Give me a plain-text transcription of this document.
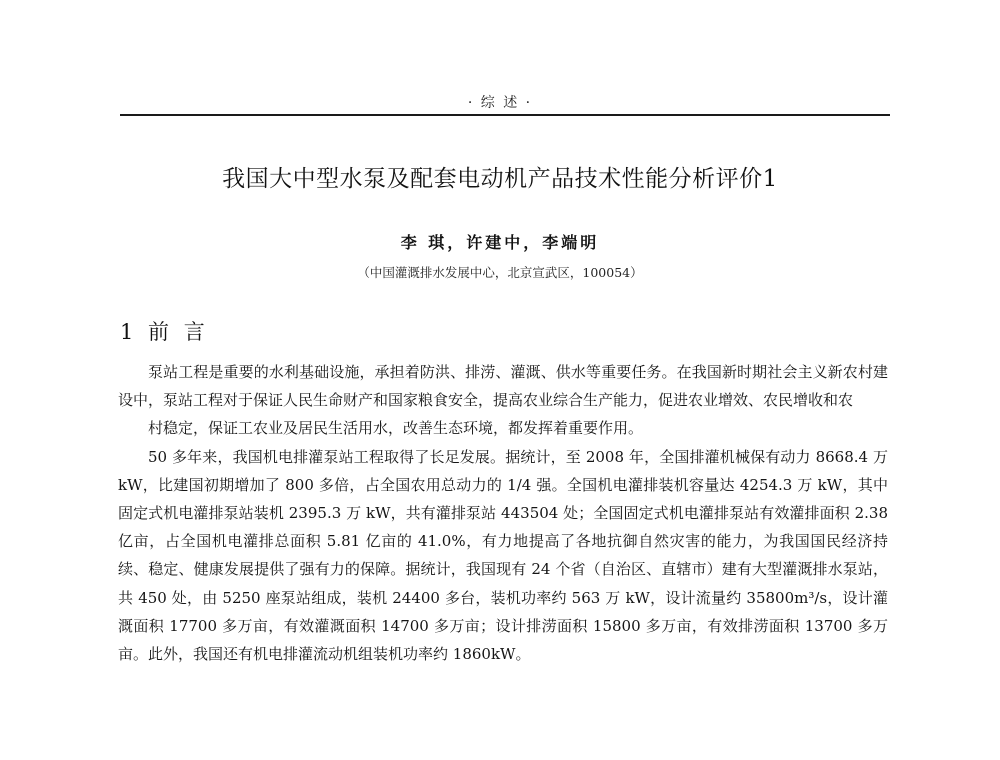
· 综 述 ·
我国大中型水泵及配套电动机产品技术性能分析评价1
李 琪，许建中，李端明
（中国灌溉排水发展中心，北京宣武区，100054）
1 前 言

泵站工程是重要的水利基础设施，承担着防洪、排涝、灌溉、供水等重要任务。在我国新时期社会主义新农村建设中，泵站工程对于保证人民生命财产和国家粮食安全，提高农业综合生产能力，促进农业增效、农民增收和农

村稳定，保证工农业及居民生活用水，改善生态环境，都发挥着重要作用。

50 多年来，我国机电排灌泵站工程取得了长足发展。据统计，至 2008 年，全国排灌机械保有动力 8668.4 万 kW，比建国初期增加了 800 多倍，占全国农用总动力的 1/4 强。全国机电灌排装机容量达 4254.3 万 kW，其中固定式机电灌排泵站装机 2395.3 万 kW，共有灌排泵站 443504 处；全国固定式机电灌排泵站有效灌排面积 2.38 亿亩，占全国机电灌排总面积 5.81 亿亩的 41.0%，有力地提高了各地抗御自然灾害的能力，为我国国民经济持续、稳定、健康发展提供了强有力的保障。据统计，我国现有 24 个省（自治区、直辖市）建有大型灌溉排水泵站，共 450 处，由 5250 座泵站组成，装机 24400 多台，装机功率约 563 万 kW，设计流量约 35800m³/s，设计灌溉面积 17700 多万亩，有效灌溉面积 14700 多万亩；设计排涝面积 15800 多万亩，有效排涝面积 13700 多万亩。此外，我国还有机电排灌流动机组装机功率约 1860kW。
